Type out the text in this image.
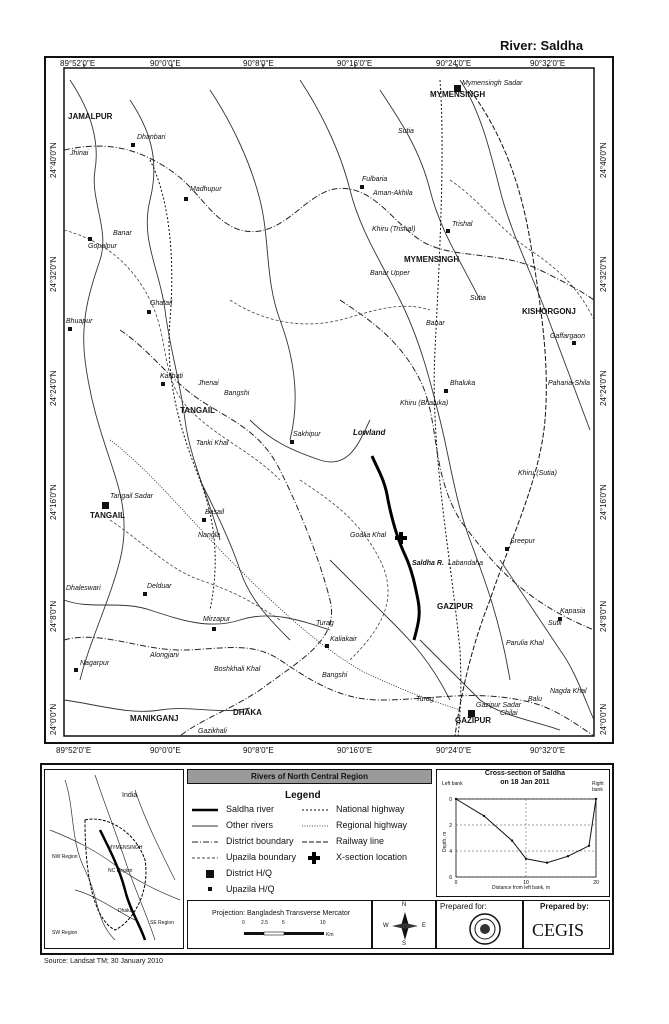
River: Saldha
89°52'0"E	90°0'0"E	90°8'0"E	90°16'0"E	90°24'0"E	90°32'0"E
89°52'0"E	90°0'0"E	90°8'0"E	90°16'0"E	90°24'0"E	90°32'0"E
24°40'0"N
24°32'0"N
24°24'0"N
24°16'0"N
24°8'0"N
24°0'0"N
24°40'0"N
24°32'0"N
24°24'0"N
24°16'0"N
24°8'0"N
24°0'0"N
JAMALPUR
MYMENSINGH
MYMENSINGH
KISHORGONJ
TANGAIL
TANGAIL
GAZIPUR
GAZIPUR
MANIKGANJ
DHAKA
Mymensingh Sadar
Dhanbari
Madhupur
Gopalpur
Bhuapur
Ghatail
Fulbaria
Trishal
Gaffargaon
Bhaluka
Sakhipur
Kalihati
Tangail Sadar
Basail
Sreepur
Delduar
Mirzapur
Kapasia
Nagarpur
Kaliakair
Gazipur Sadar
Gazikhali
Jhinai
Banar
Sutia
Aman-Akhila
Khiru (Trishal)
Banar Upper
Banar
Sutia
Paharia-Shila
Jhenai
Bangshi
Khiru (Bhaluka)
Tanki Khal
Lowland
Goalia Khal
Saldha R. Labandaha
Nangla
Turag
Dhaleswari
Alongjani
Boshkhali Khal
Bangshi
Turag
Khiru (Sutia)
Parulia Khal
Balu
Nagda Khal
Sutil
Chilai
India
NW Region
NC Region
SW Region
SE Region
Dhaka
MYMENSINGH
Rivers of North Central Region
Legend
Saldha river
Other rivers
District boundary
Upazila boundary
District H/Q
Upazila H/Q
National highway
Regional highway
Railway line
X-section location
Projection: Bangladesh Transverse Mercator
0	2.5	5	10
Km
N
S
E
W
Cross-section of Saldha
on 18 Jan 2011
Left bank	Right bank
Depth, m
Distance from left bank, m
0
2
4
6
0	10	20
Prepared for:	Prepared by:
CEGIS
Source: Landsat TM; 30 January 2010
